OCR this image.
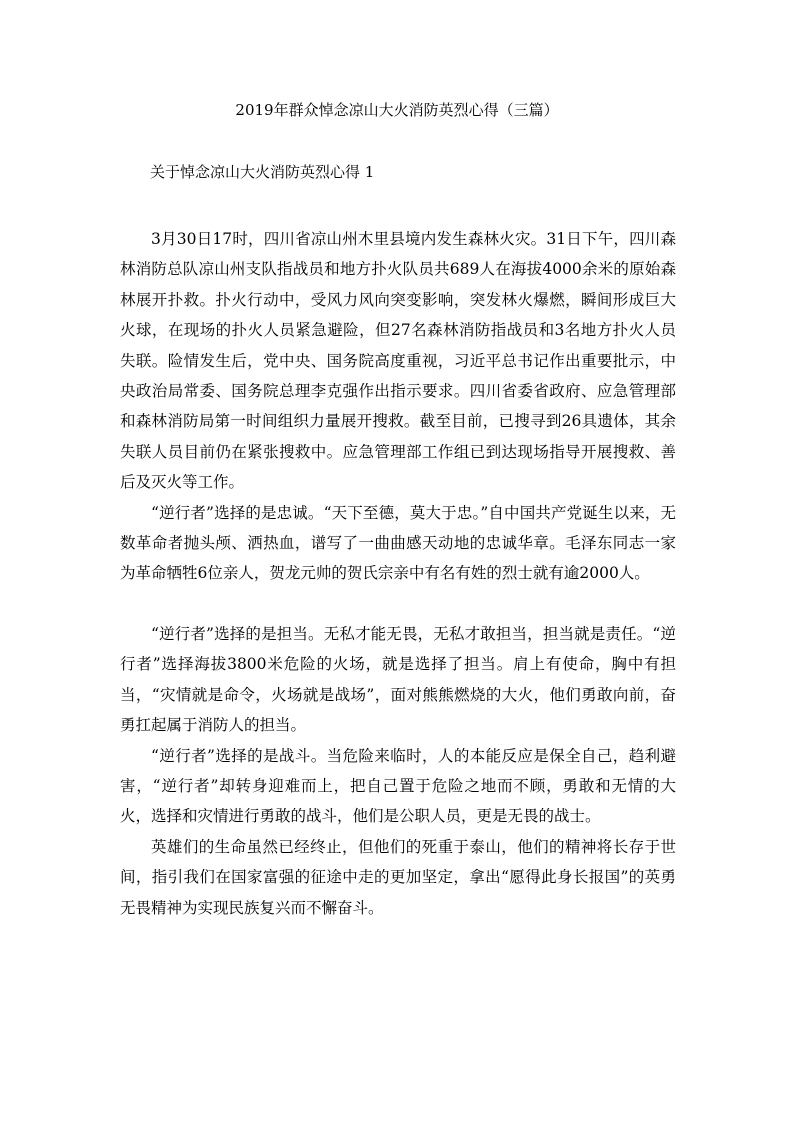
2019年群众悼念凉山大火消防英烈心得（三篇）
关于悼念凉山大火消防英烈心得 1

3月30日17时，四川省凉山州木里县境内发生森林火灾。31日下午，四川森林消防总队凉山州支队指战员和地方扑火队员共689人在海拔4000余米的原始森林展开扑救。扑火行动中，受风力风向突变影响，突发林火爆燃，瞬间形成巨大火球，在现场的扑火人员紧急避险，但27名森林消防指战员和3名地方扑火人员失联。险情发生后，党中央、国务院高度重视，习近平总书记作出重要批示，中央政治局常委、国务院总理李克强作出指示要求。四川省委省政府、应急管理部和森林消防局第一时间组织力量展开搜救。截至目前，已搜寻到26具遗体，其余失联人员目前仍在紧张搜救中。应急管理部工作组已到达现场指导开展搜救、善后及灭火等工作。

“逆行者”选择的是忠诚。“天下至德，莫大于忠。”自中国共产党诞生以来，无数革命者抛头颅、洒热血，谱写了一曲曲感天动地的忠诚华章。毛泽东同志一家为革命牺牲6位亲人，贺龙元帅的贺氏宗亲中有名有姓的烈士就有逾2000人。

“逆行者”选择的是担当。无私才能无畏，无私才敢担当，担当就是责任。“逆行者”选择海拔3800米危险的火场，就是选择了担当。肩上有使命，胸中有担当，“灾情就是命令，火场就是战场”，面对熊熊燃烧的大火，他们勇敢向前，奋勇扛起属于消防人的担当。

“逆行者”选择的是战斗。当危险来临时，人的本能反应是保全自己，趋利避害，“逆行者”却转身迎难而上，把自己置于危险之地而不顾，勇敢和无情的大火，选择和灾情进行勇敢的战斗，他们是公职人员，更是无畏的战士。

英雄们的生命虽然已经终止，但他们的死重于泰山，他们的精神将长存于世间，指引我们在国家富强的征途中走的更加坚定，拿出“愿得此身长报国”的英勇无畏精神为实现民族复兴而不懈奋斗。
